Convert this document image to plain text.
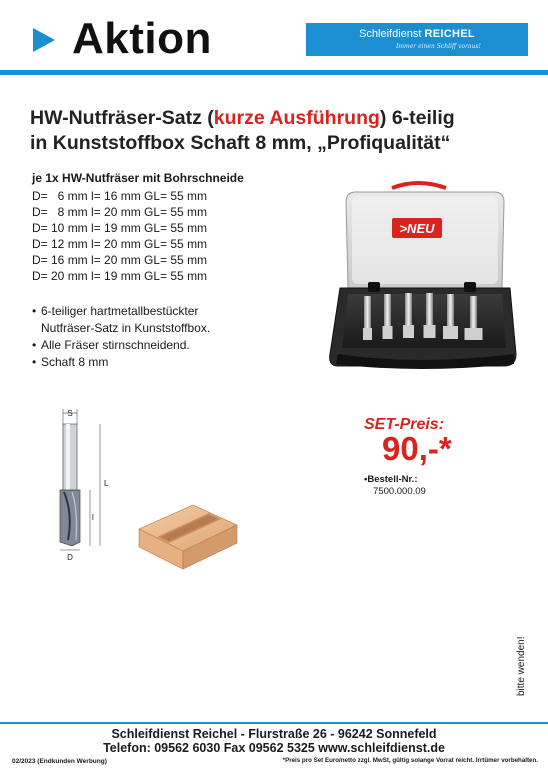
Aktion	Schleifdienst REICHEL
Immer einen Schliff voraus!
HW-Nutfräser-Satz (kurze Ausführung) 6-teilig
in Kunststoffbox Schaft 8 mm, „Profiqualität“
je 1x HW-Nutfräser mit Bohrschneide
D=   6 mm l= 16 mm GL= 55 mm
D=   8 mm l= 20 mm GL= 55 mm
D= 10 mm l= 19 mm GL= 55 mm
D= 12 mm l= 20 mm GL= 55 mm
D= 16 mm l= 20 mm GL= 55 mm
D= 20 mm l= 19 mm GL= 55 mm
• 6-teiliger hartmetallbestückter
Nutfräser-Satz in Kunststoffbox.
• Alle Fräser stirnschneidend.
• Schaft 8 mm
>NEU
SET-Preis:
90,-*
• Bestell-Nr.:
7500.000.09
S
L
l
D
bitte wenden!
Schleifdienst Reichel - Flurstraße 26 - 96242 Sonnefeld
Telefon: 09562 6030 Fax 09562 5325 www.schleifdienst.de
02/2023 (Endkunden Werbung)	*Preis pro Set Euro/netto zzgl. MwSt, gültig solange Vorrat reicht. Irrtümer vorbehalten.
